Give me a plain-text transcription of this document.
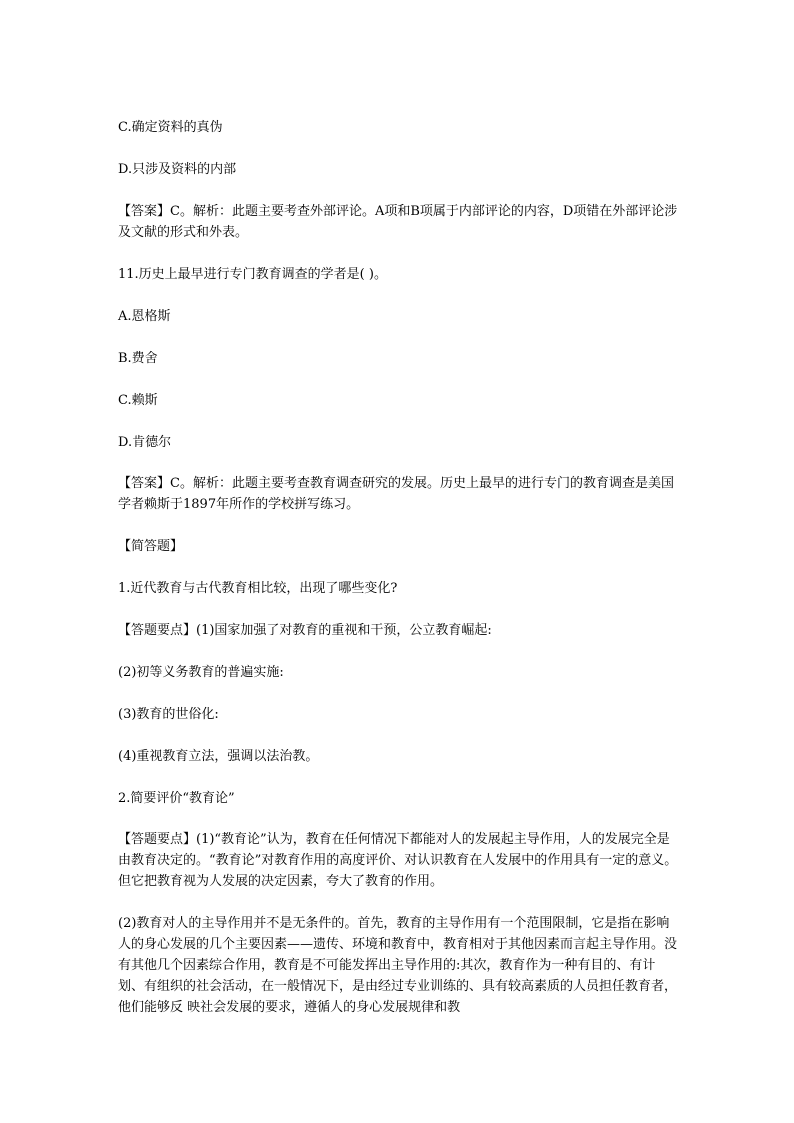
C.确定资料的真伪

D.只涉及资料的内部

【答案】C。解析：此题主要考查外部评论。A项和B项属于内部评论的内容，D项错在外部评论涉及文献的形式和外表。

11.历史上最早进行专门教育调查的学者是( )。

A.恩格斯

B.费舍

C.赖斯

D.肯德尔

【答案】C。解析：此题主要考查教育调查研究的发展。历史上最早的进行专门的教育调查是美国学者赖斯于1897年所作的学校拼写练习。

【简答题】

1.近代教育与古代教育相比较，出现了哪些变化?

【答题要点】(1)国家加强了对教育的重视和干预，公立教育崛起:

(2)初等义务教育的普遍实施:

(3)教育的世俗化:

(4)重视教育立法，强调以法治教。

2.简要评价“教育论”

【答题要点】(1)“教育论”认为，教育在任何情况下都能对人的发展起主导作用，人的发展完全是由教育决定的。“教育论”对教育作用的高度评价、对认识教育在人发展中的作用具有一定的意义。但它把教育视为人发展的决定因素，夸大了教育的作用。

(2)教育对人的主导作用并不是无条件的。首先，教育的主导作用有一个范围限制，它是指在影响人的身心发展的几个主要因素——遗传、环境和教育中，教育相对于其他因素而言起主导作用。没有其他几个因素综合作用，教育是不可能发挥出主导作用的:其次，教育作为一种有目的、有计划、有组织的社会活动，在一般情况下，是由经过专业训练的、具有较高素质的人员担任教育者，他们能够反 映社会发展的要求，遵循人的身心发展规律和教
